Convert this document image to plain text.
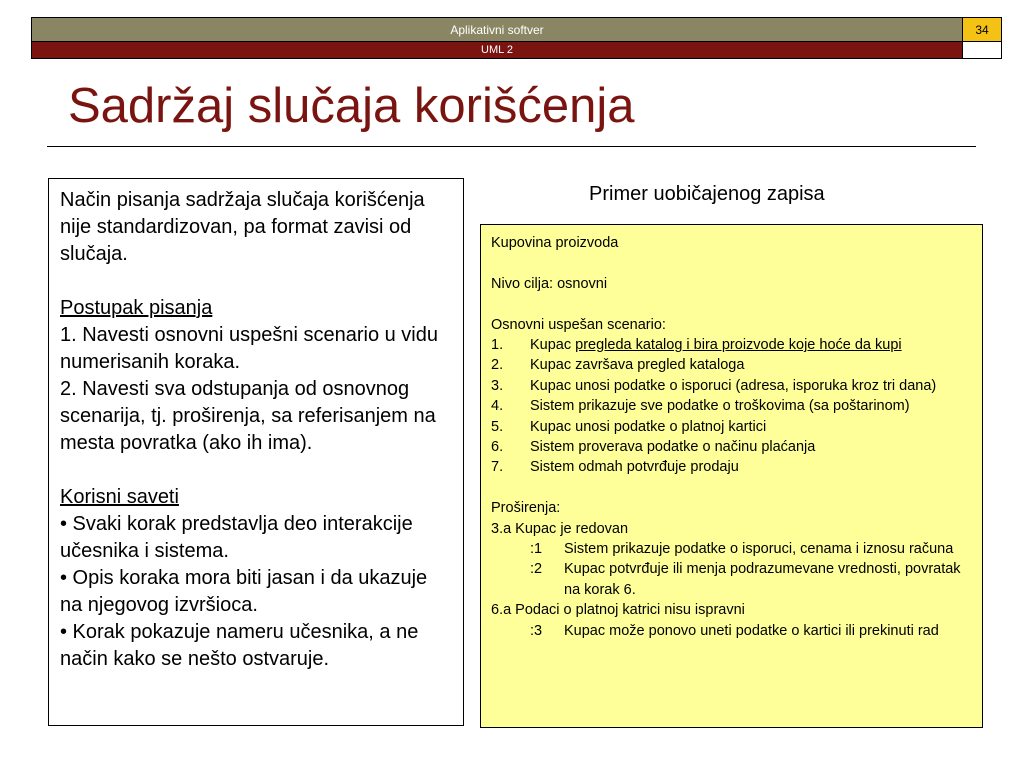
Aplikativni softver	34
UML 2
Sadržaj slučaja korišćenja

Način pisanja sadržaja slučaja korišćenja nije standardizovan, pa format zavisi od slučaja.

Postupak pisanja

1. Navesti osnovni uspešni scenario u vidu numerisanih koraka.

2. Navesti sva odstupanja od osnovnog scenarija, tj. proširenja, sa referisanjem na mesta povratka (ako ih ima).

Korisni saveti

• Svaki korak predstavlja deo interakcije učesnika i sistema.

• Opis koraka mora biti jasan i da ukazuje na njegovog izvršioca.

• Korak pokazuje nameru učesnika, a ne način kako se nešto ostvaruje.

Primer uobičajenog zapisa
Kupovina proizvoda
Nivo cilja: osnovni
Osnovni uspešan scenario:
1.	Kupac pregleda katalog i bira proizvode koje hoće da kupi
2.	Kupac završava pregled kataloga
3.	Kupac unosi podatke o isporuci (adresa, isporuka kroz tri dana)
4.	Sistem prikazuje sve podatke o troškovima (sa poštarinom)
5.	Kupac unosi podatke o platnoj kartici
6.	Sistem proverava podatke o načinu plaćanja
7.	Sistem odmah potvrđuje prodaju
Proširenja:
3.a Kupac je redovan
:1	Sistem prikazuje podatke o isporuci, cenama i iznosu računa
:2	Kupac potvrđuje ili menja podrazumevane vrednosti, povratak na korak 6.
6.a Podaci o platnoj katrici nisu ispravni
:3	Kupac može ponovo uneti podatke o kartici ili prekinuti rad
